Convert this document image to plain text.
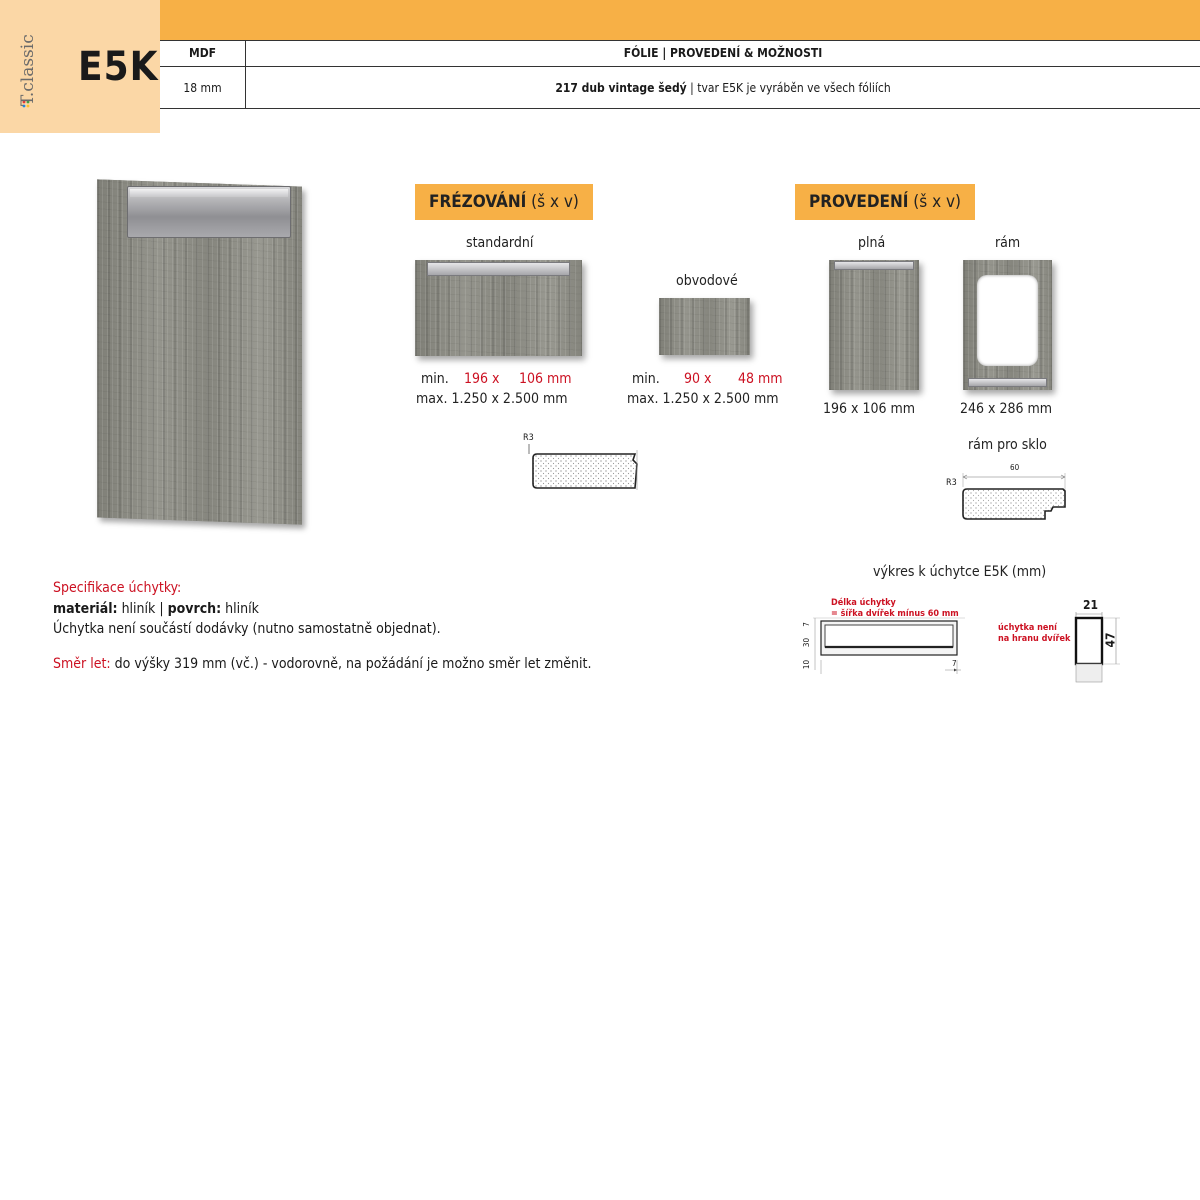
T.classic E5K	MDF	FÓLIE | PROVEDENÍ & MOŽNOSTI
18 mm	217 dub vintage šedý | tvar E5K je vyráběn ve všech fóliích
FRÉZOVÁNÍ (š x v)
standardní
min. 196 x 106 mm
max. 1.250 x 2.500 mm
obvodové
min. 90 x 48 mm
max. 1.250 x 2.500 mm
R3
PROVEDENÍ (š x v)
plná
196 x 106 mm
rám
246 x 286 mm
rám pro sklo
R3
60
Specifikace úchytky:
materiál: hliník | povrch: hliník
Úchytka není součástí dodávky (nutno samostatně objednat).
Směr let: do výšky 319 mm (vč.) - vodorovně, na požádání je možno směr let změnit.
výkres k úchytce E5K (mm)
Délka úchytky
= šířka dvířek mínus 60 mm
7
30
10	7
úchytka není
na hranu dvířek
21
47
